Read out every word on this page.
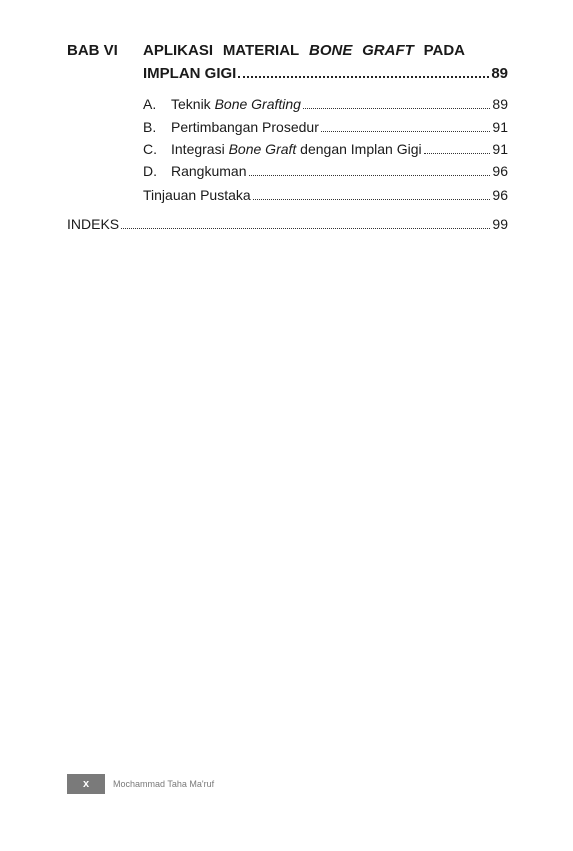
BAB VI APLIKASI MATERIAL BONE GRAFT PADA
IMPLAN GIGI	89
A.	Teknik Bone Grafting	89
B.	Pertimbangan Prosedur	91
C.	Integrasi Bone Graft dengan Implan Gigi	91
D.	Rangkuman	96
Tinjauan Pustaka	96
INDEKS	99
x	Mochammad Taha Ma'ruf
